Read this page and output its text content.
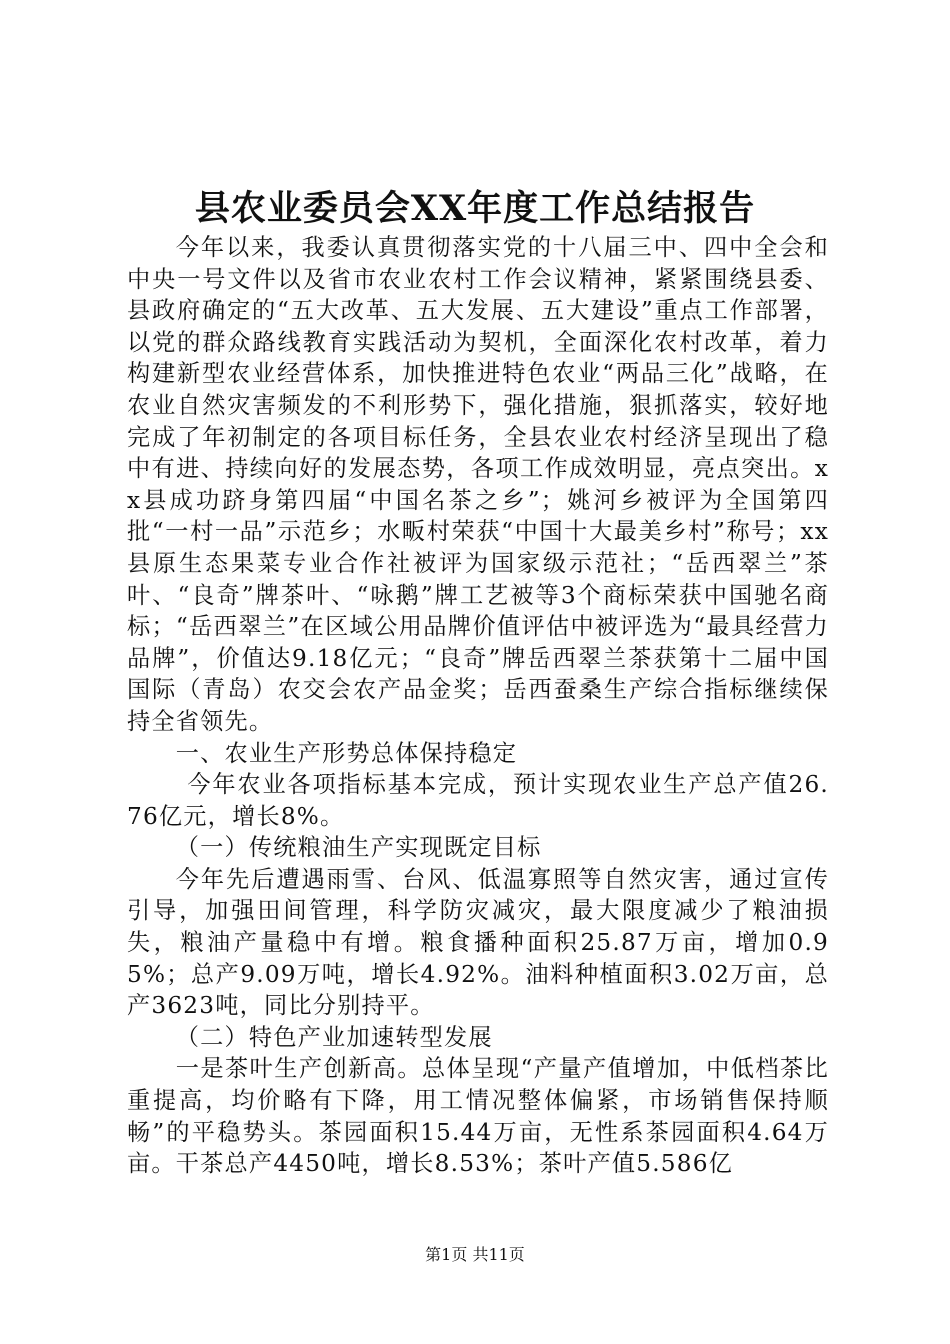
县农业委员会XX年度工作总结报告

今年以来，我委认真贯彻落实党的十八届三中、四中全会和中央一号文件以及省市农业农村工作会议精神，紧紧围绕县委、县政府确定的“五大改革、五大发展、五大建设”重点工作部署，以党的群众路线教育实践活动为契机，全面深化农村改革，着力构建新型农业经营体系，加快推进特色农业“两品三化”战略，在农业自然灾害频发的不利形势下，强化措施，狠抓落实，较好地完成了年初制定的各项目标任务，全县农业农村经济呈现出了稳中有进、持续向好的发展态势，各项工作成效明显，亮点突出。xx县成功跻身第四届“中国名茶之乡”；姚河乡被评为全国第四批“一村一品”示范乡；水畈村荣获“中国十大最美乡村”称号；xx县原生态果菜专业合作社被评为国家级示范社；“岳西翠兰”茶叶、“良奇”牌茶叶、“咏鹅”牌工艺被等3个商标荣获中国驰名商标；“岳西翠兰”在区域公用品牌价值评估中被评选为“最具经营力品牌”，价值达9.18亿元；“良奇”牌岳西翠兰茶获第十二届中国国际（青岛）农交会农产品金奖；岳西蚕桑生产综合指标继续保持全省领先。

一、农业生产形势总体保持稳定

今年农业各项指标基本完成，预计实现农业生产总产值26.76亿元，增长8%。

（一）传统粮油生产实现既定目标

今年先后遭遇雨雪、台风、低温寡照等自然灾害，通过宣传引导，加强田间管理，科学防灾减灾，最大限度减少了粮油损失，粮油产量稳中有增。粮食播种面积25.87万亩，增加0.95%；总产9.09万吨，增长4.92%。油料种植面积3.02万亩，总产3623吨，同比分别持平。

（二）特色产业加速转型发展

一是茶叶生产创新高。总体呈现“产量产值增加，中低档茶比重提高，均价略有下降，用工情况整体偏紧，市场销售保持顺畅”的平稳势头。茶园面积15.44万亩，无性系茶园面积4.64万亩。干茶总产4450吨，增长8.53%；茶叶产值5.586亿

第1页 共11页
